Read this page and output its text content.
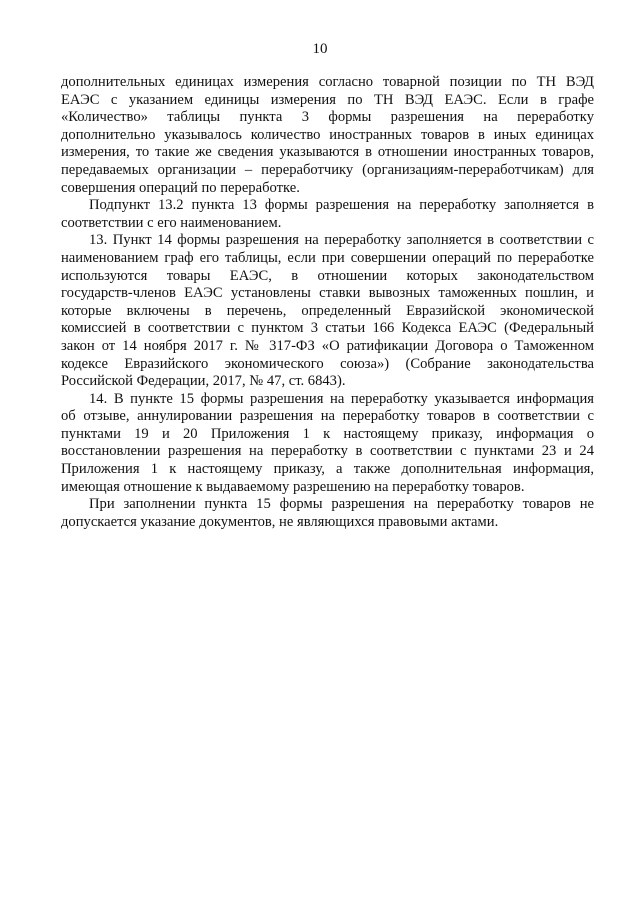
10
дополнительных единицах измерения согласно товарной позиции по ТН ВЭД
ЕАЭС с указанием единицы измерения по ТН ВЭД ЕАЭС. Если в графе
«Количество» таблицы пункта 3 формы разрешения на переработку
дополнительно указывалось количество иностранных товаров в иных единицах
измерения, то такие же сведения указываются в отношении иностранных товаров,
передаваемых организации – переработчику (организациям-переработчикам) для
совершения операций по переработке.
Подпункт 13.2 пункта 13 формы разрешения на переработку заполняется в
соответствии с его наименованием.
13. Пункт 14 формы разрешения на переработку заполняется в соответствии с
наименованием граф его таблицы, если при совершении операций по переработке
используются товары ЕАЭС, в отношении которых законодательством
государств-членов ЕАЭС установлены ставки вывозных таможенных пошлин, и
которые включены в перечень, определенный Евразийской экономической
комиссией в соответствии с пунктом 3 статьи 166 Кодекса ЕАЭС (Федеральный
закон от 14 ноября 2017 г. № 317-ФЗ «О ратификации Договора о Таможенном
кодексе Евразийского экономического союза») (Собрание законодательства
Российской Федерации, 2017, № 47, ст. 6843).
14. В пункте 15 формы разрешения на переработку указывается информация
об отзыве, аннулировании разрешения на переработку товаров в соответствии с
пунктами 19 и 20 Приложения 1 к настоящему приказу, информация о
восстановлении разрешения на переработку в соответствии с пунктами 23 и 24
Приложения 1 к настоящему приказу, а также дополнительная информация,
имеющая отношение к выдаваемому разрешению на переработку товаров.
При заполнении пункта 15 формы разрешения на переработку товаров не
допускается указание документов, не являющихся правовыми актами.
